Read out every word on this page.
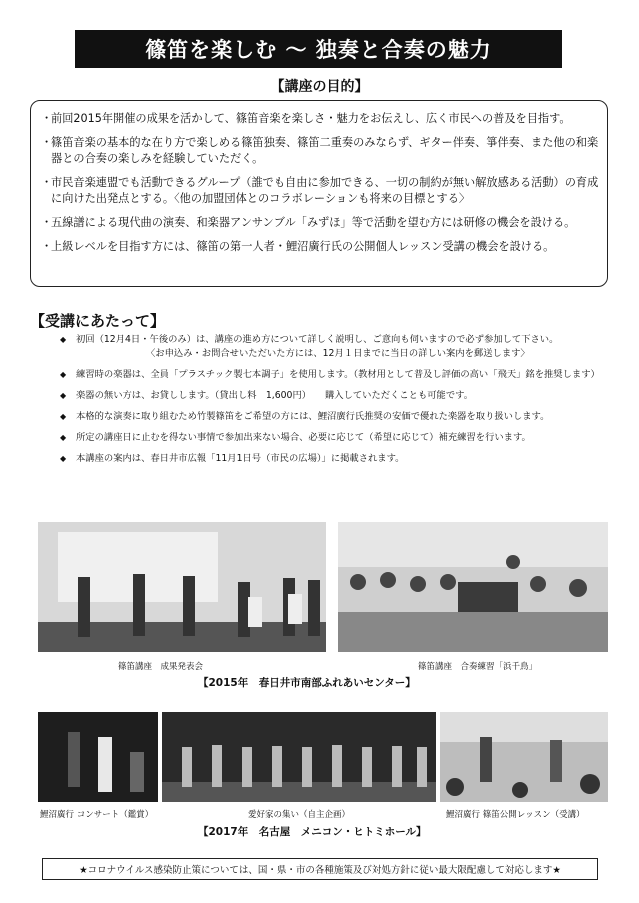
篠笛を楽しむ 〜 独奏と合奏の魅力
【講座の目的】
・
前回2015年開催の成果を活かして、篠笛音楽を楽しさ・魅力をお伝えし、広く市民への普及を目指す。
・
篠笛音楽の基本的な在り方で楽しめる篠笛独奏、篠笛二重奏のみならず、ギター伴奏、箏伴奏、また他の和楽器との合奏の楽しみを経験していただく。
・
市民音楽連盟でも活動できるグループ（誰でも自由に参加できる、一切の制約が無い解放感ある活動）の育成に向けた出発点とする。〈他の加盟団体とのコラボレーションも将来の目標とする〉
・
五線譜による現代曲の演奏、和楽器アンサンブル「みずほ」等で活動を望む方には研修の機会を設ける。
・
上級レベルを目指す方には、篠笛の第一人者・鯉沼廣行氏の公開個人レッスン受講の機会を設ける。
【受講にあたって】
◆ 初回（12月4日・午後のみ）は、講座の進め方について詳しく説明し、ご意向も伺いますので必ず参加して下さい。
〈お申込み・お問合せいただいた方には、12月１日までに当日の詳しい案内を郵送します〉
◆ 練習時の楽器は、全員「プラスチック製七本調子」を使用します。（教材用として普及し評価の高い「飛天」銘を推奨します）
◆ 楽器の無い方は、お貸しします。（貸出し料　1,600円）　　購入していただくことも可能です。
◆ 本格的な演奏に取り組むため竹製篠笛をご希望の方には、鯉沼廣行氏推奨の安価で優れた楽器を取り扱いします。
◆ 所定の講座日に止むを得ない事情で参加出来ない場合、必要に応じて（希望に応じて）補充練習を行います。
◆ 本講座の案内は、春日井市広報「11月1日号（市民の広場）」に掲載されます。
篠笛講座　成果発表会	篠笛講座　合奏練習「浜千鳥」
【2015年　春日井市南部ふれあいセンター】
鯉沼廣行 コンサート（鑑賞）	愛好家の集い（自主企画）	鯉沼廣行 篠笛公開レッスン（受講）
【2017年　名古屋　メニコン・ヒトミホール】
★コロナウイルス感染防止策については、国・県・市の各種施策及び対処方針に従い最大限配慮して対応します★
